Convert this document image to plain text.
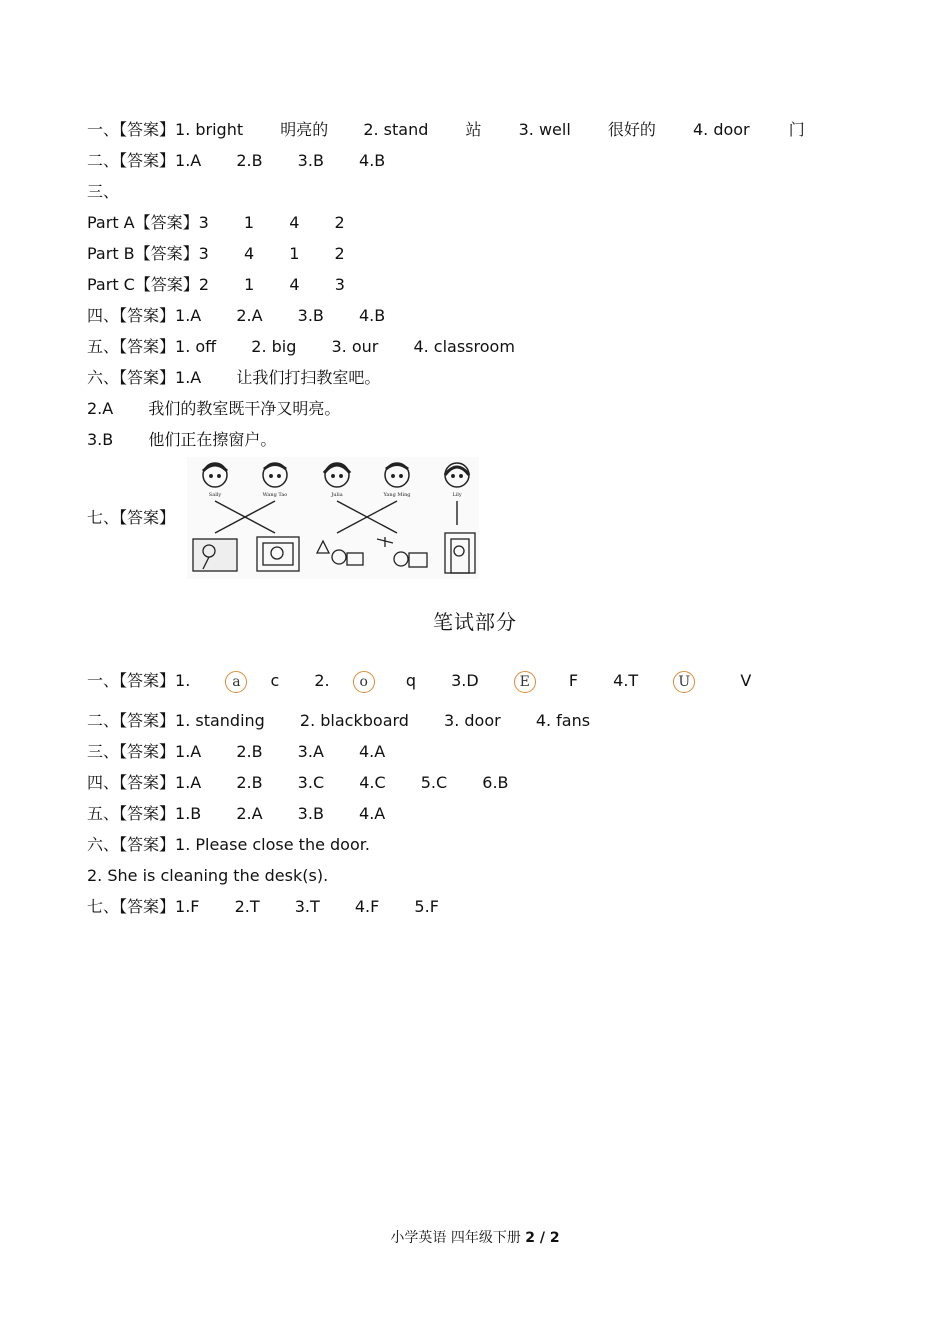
一、【答案】1. bright 明亮的 2. stand 站 3. well 很好的 4. door 门
二、【答案】1.A 2.B 3.B 4.B
三、
Part A【答案】3 1 4 2
Part B【答案】3 4 1 2
Part C【答案】2 1 4 3
四、【答案】1.A 2.A 3.B 4.B
五、【答案】1. off 2. big 3. our 4. classroom
六、【答案】1.A 让我们打扫教室吧。
2.A 我们的教室既干净又明亮。
3.B 他们正在擦窗户。
七、【答案】
Sally	Wang Tao	Julia	Yang Ming	Lily
笔试部分
一、【答案】1.	a c 2. o q 3.D	E F 4.T	U	V
二、【答案】1. standing 2. blackboard 3. door 4. fans
三、【答案】1.A 2.B 3.A 4.A
四、【答案】1.A 2.B 3.C 4.C 5.C 6.B
五、【答案】1.B 2.A 3.B 4.A
六、【答案】1. Please close the door.
2. She is cleaning the desk(s).
七、【答案】1.F 2.T 3.T 4.F 5.F
小学英语 四年级下册 2 / 2
